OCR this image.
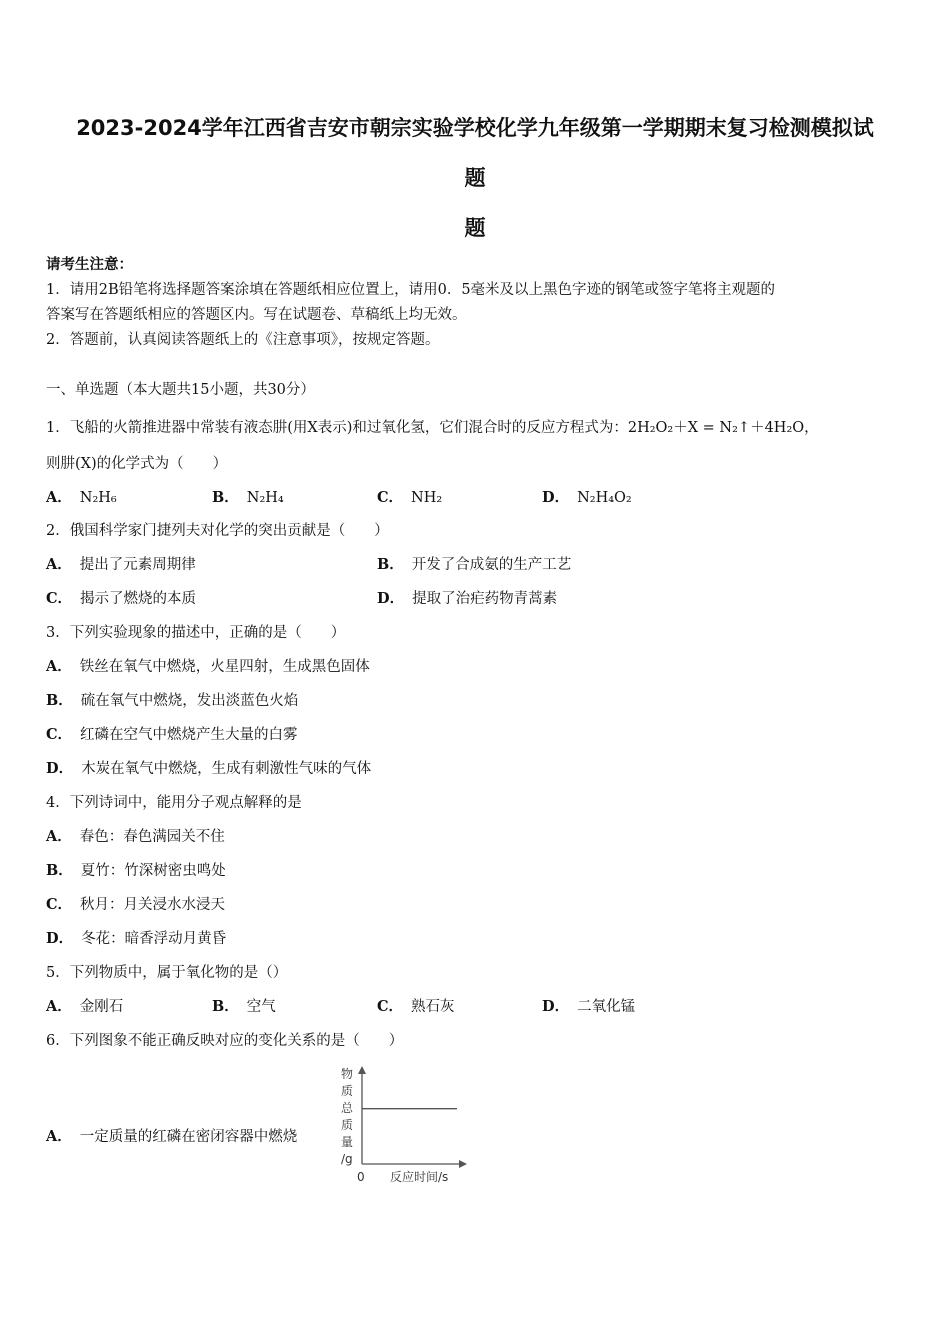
2023-2024学年江西省吉安市朝宗实验学校化学九年级第一学期期末复习检测模拟试
题
题
请考生注意：
1．请用2B铅笔将选择题答案涂填在答题纸相应位置上，请用0．5毫米及以上黑色字迹的钢笔或签字笔将主观题的
答案写在答题纸相应的答题区内。写在试题卷、草稿纸上均无效。
2．答题前，认真阅读答题纸上的《注意事项》，按规定答题。
一、单选题（本大题共15小题，共30分）
1．飞船的火箭推进器中常装有液态肼(用X表示)和过氧化氢，它们混合时的反应方程式为：2H₂O₂＋X = N₂↑＋4H₂O，
则肼(X)的化学式为（　　）
A． N₂H₆	B． N₂H₄	C． NH₂	D． N₂H₄O₂
2．俄国科学家门捷列夫对化学的突出贡献是（　　）
A． 提出了元素周期律	B． 开发了合成氨的生产工艺
C． 揭示了燃烧的本质	D． 提取了治疟药物青蒿素
3．下列实验现象的描述中，正确的是（　　）
A． 铁丝在氧气中燃烧，火星四射，生成黑色固体
B． 硫在氧气中燃烧，发出淡蓝色火焰
C． 红磷在空气中燃烧产生大量的白雾
D． 木炭在氧气中燃烧，生成有刺激性气味的气体
4．下列诗词中，能用分子观点解释的是
A． 春色：春色满园关不住
B． 夏竹：竹深树密虫鸣处
C． 秋月：月关浸水水浸天
D． 冬花：暗香浮动月黄昏
5．下列物质中，属于氧化物的是（）
A． 金刚石	B． 空气	C． 熟石灰	D． 二氧化锰
6．下列图象不能正确反映对应的变化关系的是（　　）
A． 一定质量的红磷在密闭容器中燃烧
物
质
总
质
量
/g
0 反应时间/s
